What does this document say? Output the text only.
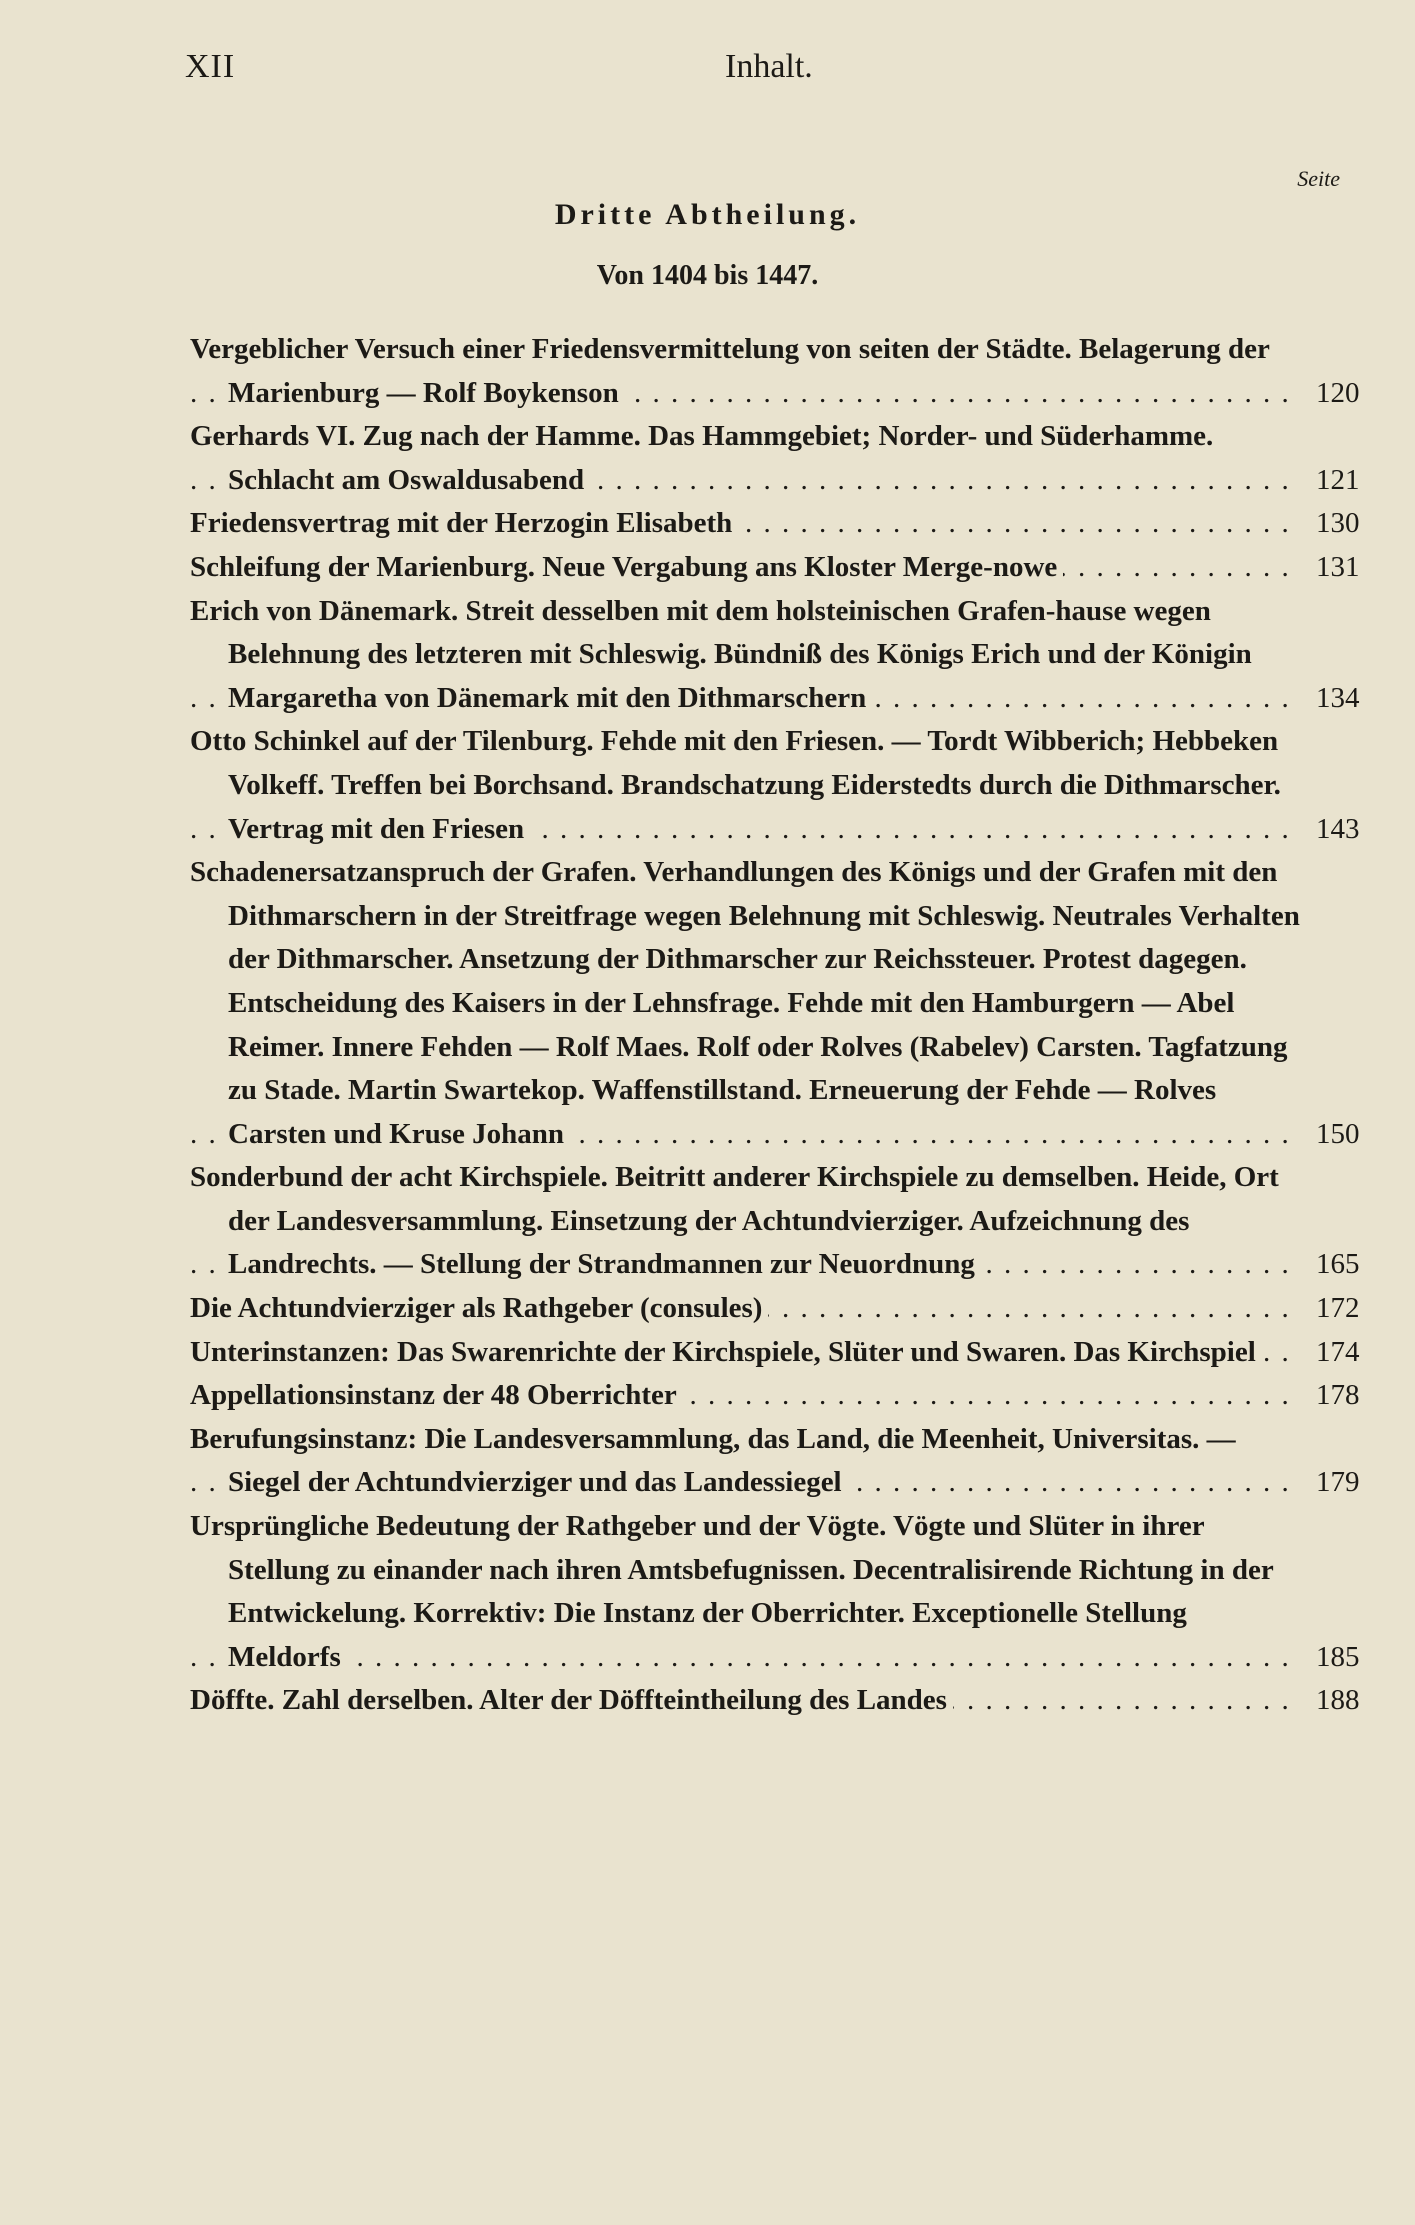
XII	Inhalt.
Seite
Dritte Abtheilung.
Von 1404 bis 1447.
. . .
Vergeblicher Versuch einer Friedensvermittelung von seiten der Städte. Belagerung der Marienburg — Rolf Boykenson	120
. . .
Gerhards VI. Zug nach der Hamme. Das Hammgebiet; Norder- und Süderhamme. Schlacht am Oswaldusabend	121
. . .
Friedensvertrag mit der Herzogin Elisabeth	130
. . .
Schleifung der Marienburg. Neue Vergabung ans Kloster Merge-nowe	131
. . .
Erich von Dänemark. Streit desselben mit dem holsteinischen Grafen-hause wegen Belehnung des letzteren mit Schleswig. Bündniß des Königs Erich und der Königin Margaretha von Dänemark mit den Dithmarschern	134
. . .
Otto Schinkel auf der Tilenburg. Fehde mit den Friesen. — Tordt Wibberich; Hebbeken Volkeff. Treffen bei Borchsand. Brandschatzung Eiderstedts durch die Dithmarscher. Vertrag mit den Friesen	143
. . .
Schadenersatzanspruch der Grafen. Verhandlungen des Königs und der Grafen mit den Dithmarschern in der Streitfrage wegen Belehnung mit Schleswig. Neutrales Verhalten der Dithmarscher. Ansetzung der Dithmarscher zur Reichssteuer. Protest dagegen. Entscheidung des Kaisers in der Lehnsfrage. Fehde mit den Hamburgern — Abel Reimer. Innere Fehden — Rolf Maes. Rolf oder Rolves (Rabelev) Carsten. Tagfatzung zu Stade. Martin Swartekop. Waffenstillstand. Erneuerung der Fehde — Rolves Carsten und Kruse Johann	150
. . .
Sonderbund der acht Kirchspiele. Beitritt anderer Kirchspiele zu demselben. Heide, Ort der Landesversammlung. Einsetzung der Achtundvierziger. Aufzeichnung des Landrechts. — Stellung der Strandmannen zur Neuordnung	165
. . .
Die Achtundvierziger als Rathgeber (consules)	172
. . .
Unterinstanzen: Das Swarenrichte der Kirchspiele, Slüter und Swaren. Das Kirchspiel 174
. . .
Appellationsinstanz der 48 Oberrichter	178
. . .
Berufungsinstanz: Die Landesversammlung, das Land, die Meenheit, Universitas. — Siegel der Achtundvierziger und das Landessiegel	179
. . .
Ursprüngliche Bedeutung der Rathgeber und der Vögte. Vögte und Slüter in ihrer Stellung zu einander nach ihren Amtsbefugnissen. Decentralisirende Richtung in der Entwickelung. Korrektiv: Die Instanz der Oberrichter. Exceptionelle Stellung Meldorfs	185
. . .
Döffte. Zahl derselben. Alter der Döffteintheilung des Landes	188
